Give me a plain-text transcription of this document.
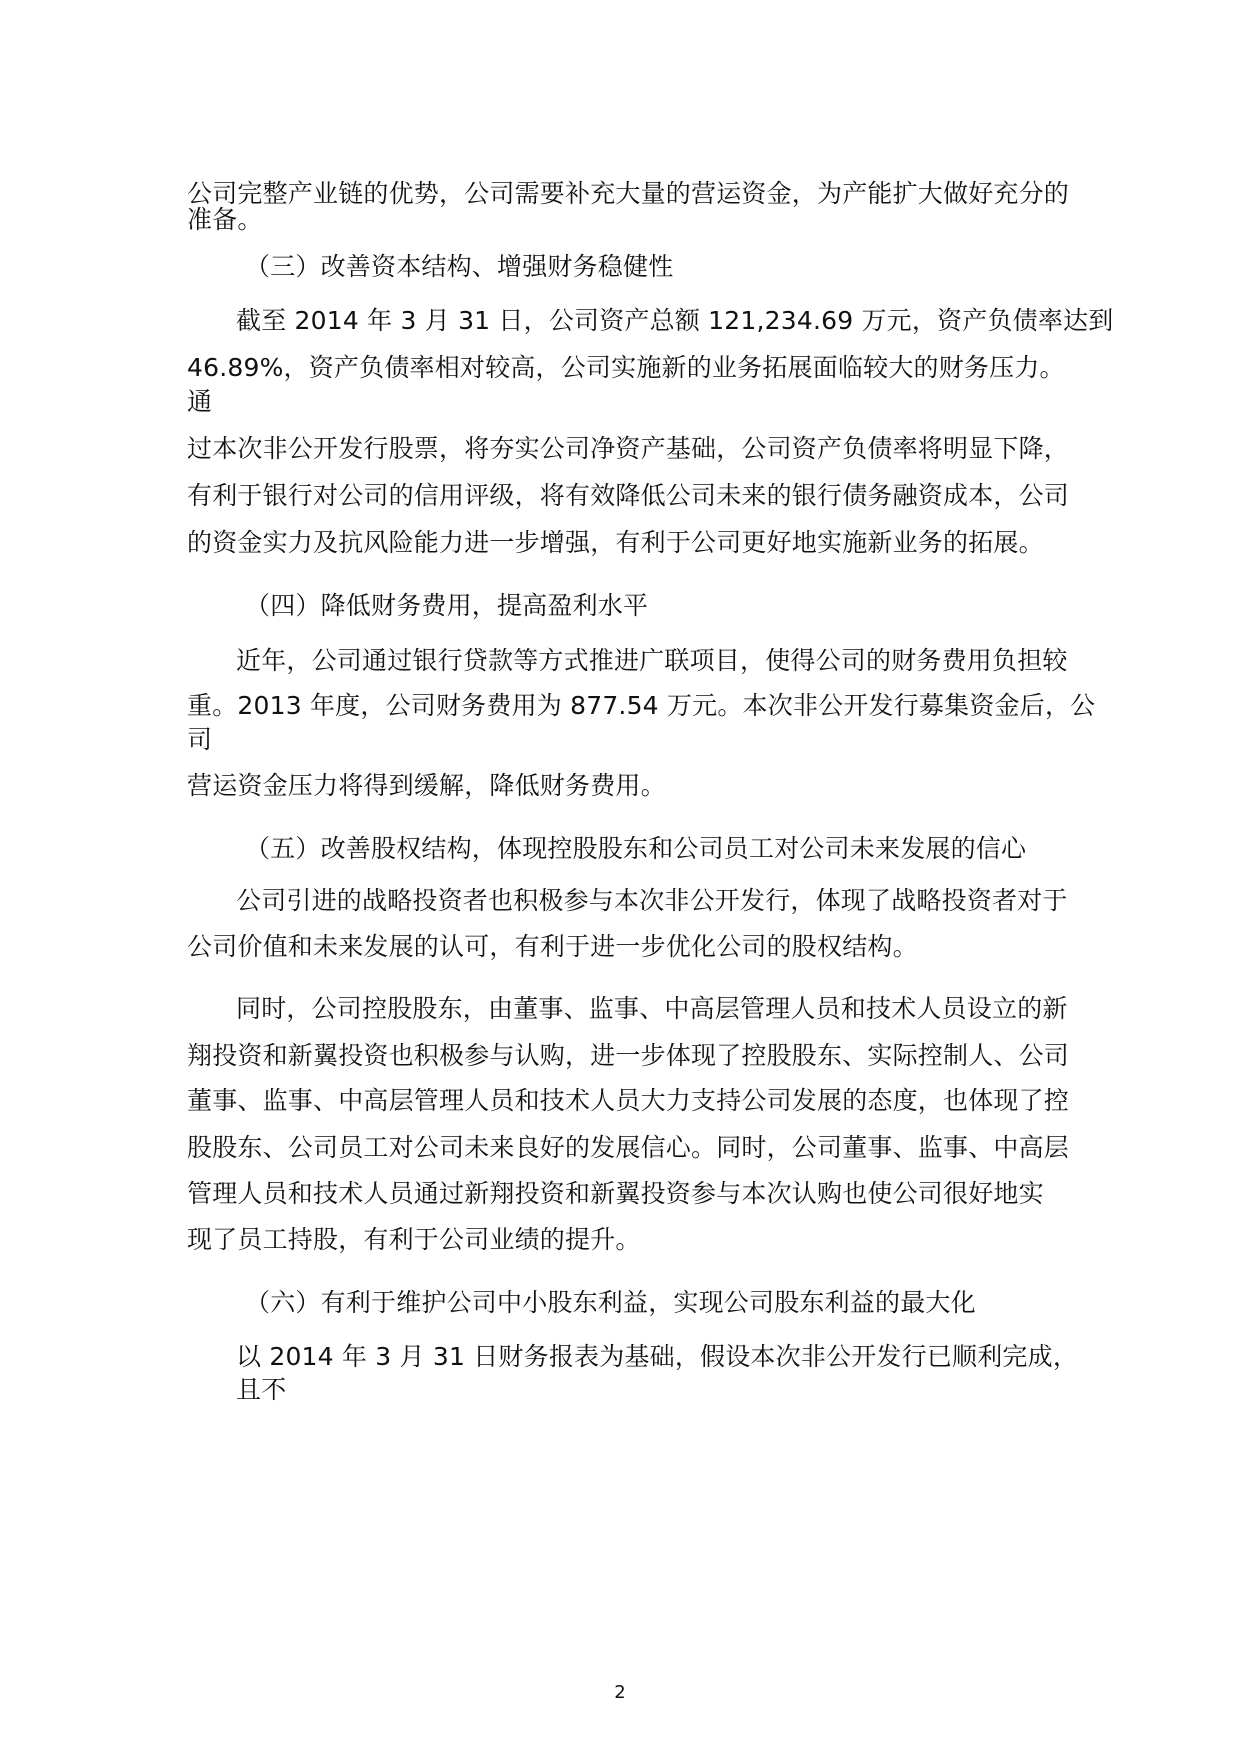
公司完整产业链的优势，公司需要补充大量的营运资金，为产能扩大做好充分的
准备。
（三）改善资本结构、增强财务稳健性
截至 2014 年 3 月 31 日，公司资产总额 121,234.69 万元，资产负债率达到
46.89%，资产负债率相对较高，公司实施新的业务拓展面临较大的财务压力。
通
过本次非公开发行股票，将夯实公司净资产基础，公司资产负债率将明显下降，
有利于银行对公司的信用评级，将有效降低公司未来的银行债务融资成本，公司
的资金实力及抗风险能力进一步增强，有利于公司更好地实施新业务的拓展。
（四）降低财务费用，提高盈利水平
近年，公司通过银行贷款等方式推进广联项目，使得公司的财务费用负担较
重。2013 年度，公司财务费用为 877.54 万元。本次非公开发行募集资金后，公
司
营运资金压力将得到缓解，降低财务费用。
（五）改善股权结构，体现控股股东和公司员工对公司未来发展的信心
公司引进的战略投资者也积极参与本次非公开发行，体现了战略投资者对于
公司价值和未来发展的认可，有利于进一步优化公司的股权结构。
同时，公司控股股东，由董事、监事、中高层管理人员和技术人员设立的新
翔投资和新翼投资也积极参与认购，进一步体现了控股股东、实际控制人、公司
董事、监事、中高层管理人员和技术人员大力支持公司发展的态度，也体现了控
股股东、公司员工对公司未来良好的发展信心。同时，公司董事、监事、中高层
管理人员和技术人员通过新翔投资和新翼投资参与本次认购也使公司很好地实
现了员工持股，有利于公司业绩的提升。
（六）有利于维护公司中小股东利益，实现公司股东利益的最大化
以 2014 年 3 月 31 日财务报表为基础，假设本次非公开发行已顺利完成，
且不
2
